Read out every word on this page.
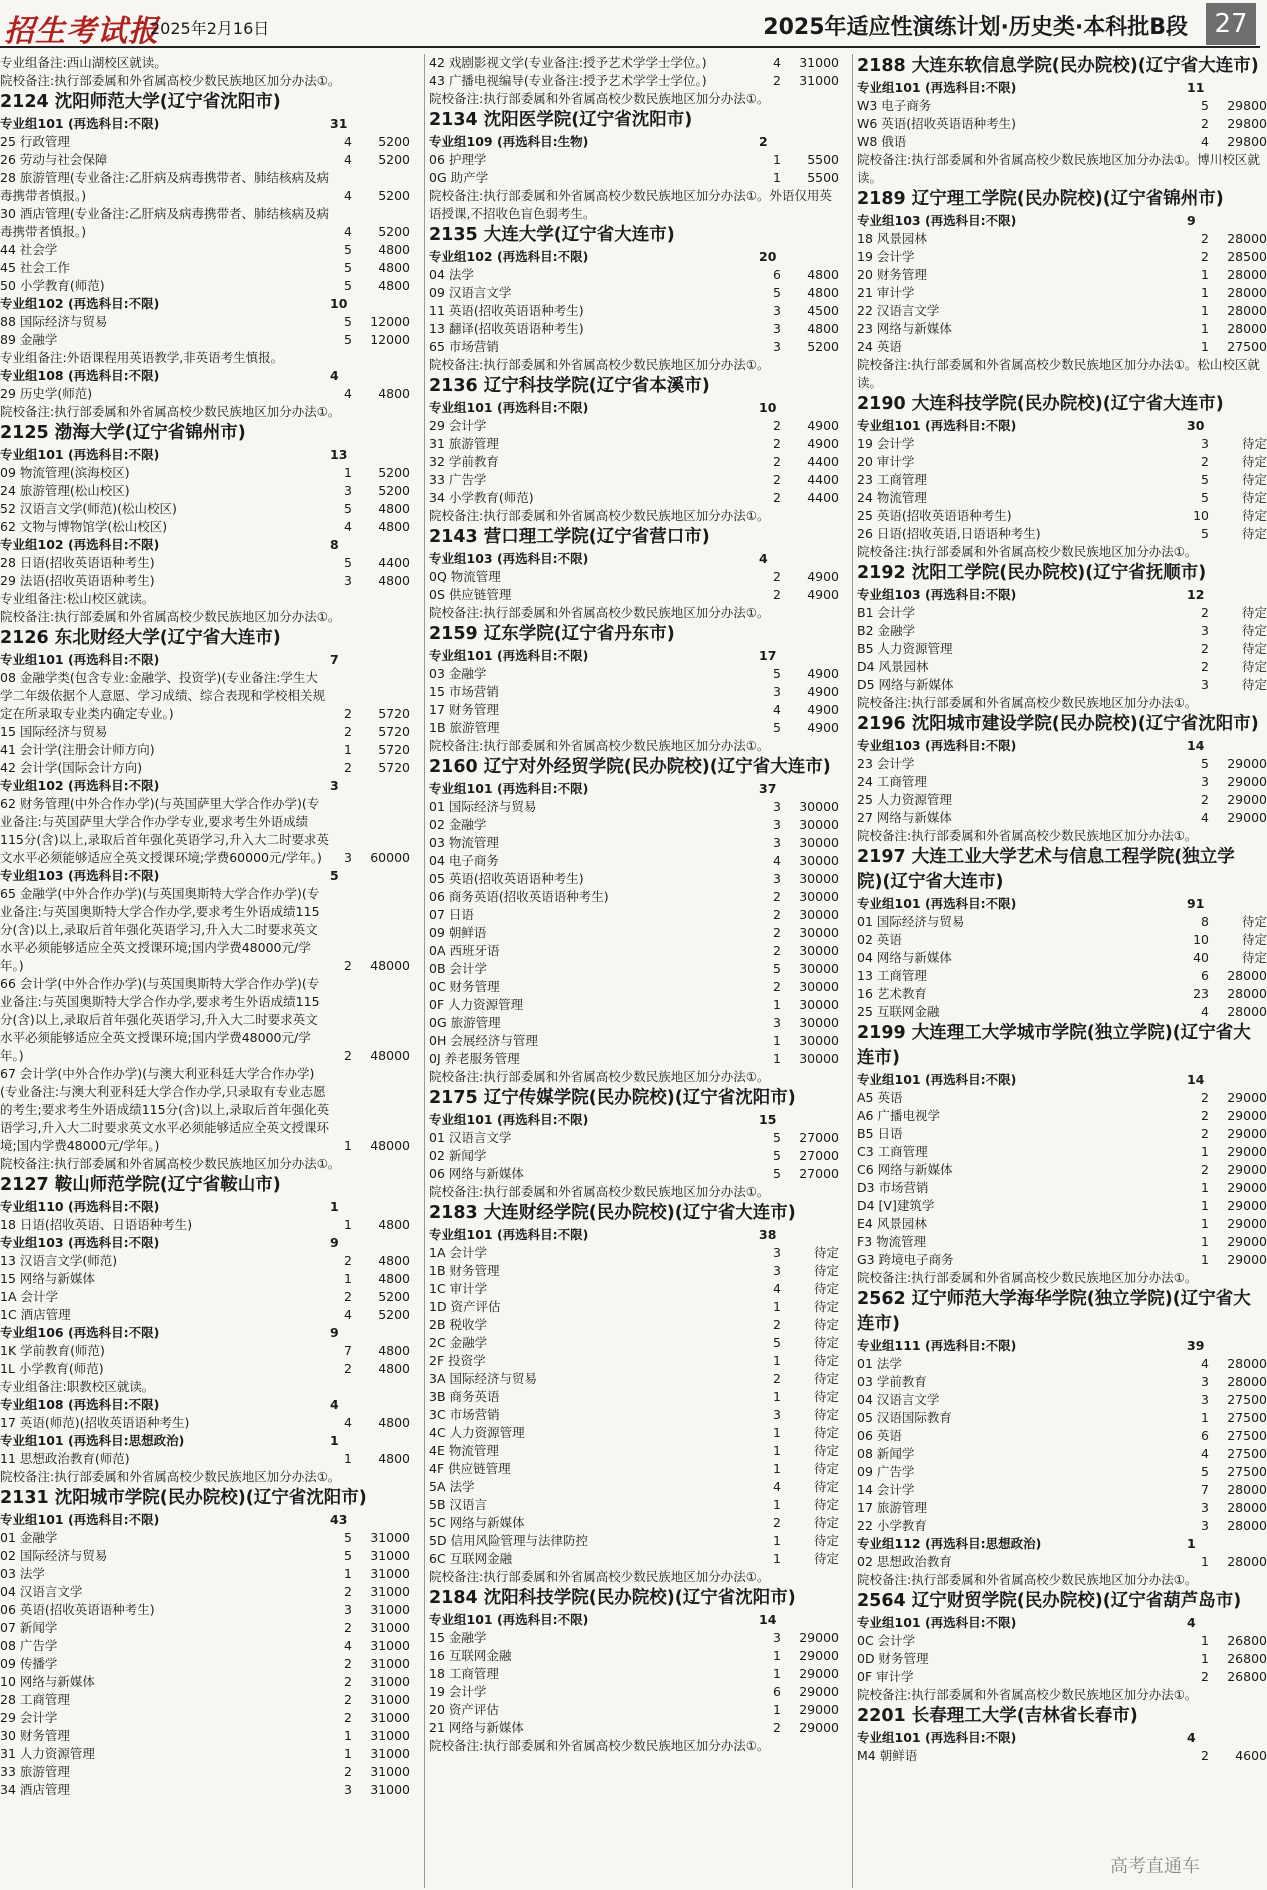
招生考试报
2025年2月16日	2025年适应性演练计划·历史类·本科批B段	27
专业组备注:西山湖校区就读。
院校备注:执行部委属和外省属高校少数民族地区加分办法①。
2124 沈阳师范大学(辽宁省沈阳市)
专业组101 (再选科目:不限)	31
25 行政管理	4	5200
26 劳动与社会保障	4	5200
28 旅游管理(专业备注:乙肝病及病毒携带者、肺结核病及病毒携带者慎报。)	4	5200
30 酒店管理(专业备注:乙肝病及病毒携带者、肺结核病及病毒携带者慎报。)	4	5200
44 社会学	5	4800
45 社会工作	5	4800
50 小学教育(师范)	5	4800
专业组102 (再选科目:不限)	10
88 国际经济与贸易	5	12000
89 金融学	5	12000
专业组备注:外语课程用英语教学,非英语考生慎报。
专业组108 (再选科目:不限)	4
29 历史学(师范)	4	4800
院校备注:执行部委属和外省属高校少数民族地区加分办法①。
2125 渤海大学(辽宁省锦州市)
专业组101 (再选科目:不限)	13
09 物流管理(滨海校区)	1	5200
24 旅游管理(松山校区)	3	5200
52 汉语言文学(师范)(松山校区)	5	4800
62 文物与博物馆学(松山校区)	4	4800
专业组102 (再选科目:不限)	8
28 日语(招收英语语种考生)	5	4400
29 法语(招收英语语种考生)	3	4800
专业组备注:松山校区就读。
院校备注:执行部委属和外省属高校少数民族地区加分办法①。
2126 东北财经大学(辽宁省大连市)
专业组101 (再选科目:不限)	7
08 金融学类(包含专业:金融学、投资学)(专业备注:学生大学二年级依据个人意愿、学习成绩、综合表现和学校相关规定在所录取专业类内确定专业。)	2	5720
15 国际经济与贸易	2	5720
41 会计学(注册会计师方向)	1	5720
42 会计学(国际会计方向)	2	5720
专业组102 (再选科目:不限)	3
62 财务管理(中外合作办学)(与英国萨里大学合作办学)(专业备注:与英国萨里大学合作办学专业,要求考生外语成绩115分(含)以上,录取后首年强化英语学习,升入大二时要求英文水平必须能够适应全英文授课环境;学费60000元/学年。)	3	60000
专业组103 (再选科目:不限)	5
65 金融学(中外合作办学)(与英国奥斯特大学合作办学)(专业备注:与英国奥斯特大学合作办学,要求考生外语成绩115分(含)以上,录取后首年强化英语学习,升入大二时要求英文水平必须能够适应全英文授课环境;国内学费48000元/学年。)	2	48000
66 会计学(中外合作办学)(与英国奥斯特大学合作办学)(专业备注:与英国奥斯特大学合作办学,要求考生外语成绩115分(含)以上,录取后首年强化英语学习,升入大二时要求英文水平必须能够适应全英文授课环境;国内学费48000元/学年。)	2	48000
67 会计学(中外合作办学)(与澳大利亚科廷大学合作办学)(专业备注:与澳大利亚科廷大学合作办学,只录取有专业志愿的考生;要求考生外语成绩115分(含)以上,录取后首年强化英语学习,升入大二时要求英文水平必须能够适应全英文授课环境;国内学费48000元/学年。)	1	48000
院校备注:执行部委属和外省属高校少数民族地区加分办法①。
2127 鞍山师范学院(辽宁省鞍山市)
专业组110 (再选科目:不限)	1
18 日语(招收英语、日语语种考生)	1	4800
专业组103 (再选科目:不限)	9
13 汉语言文学(师范)	2	4800
15 网络与新媒体	1	4800
1A 会计学	2	5200
1C 酒店管理	4	5200
专业组106 (再选科目:不限)	9
1K 学前教育(师范)	7	4800
1L 小学教育(师范)	2	4800
专业组备注:职教校区就读。
专业组108 (再选科目:不限)	4
17 英语(师范)(招收英语语种考生)	4	4800
专业组101 (再选科目:思想政治)	1
11 思想政治教育(师范)	1	4800
院校备注:执行部委属和外省属高校少数民族地区加分办法①。
2131 沈阳城市学院(民办院校)(辽宁省沈阳市)
专业组101 (再选科目:不限)	43
01 金融学	5	31000
02 国际经济与贸易	5	31000
03 法学	1	31000
04 汉语言文学	2	31000
06 英语(招收英语语种考生)	3	31000
07 新闻学	2	31000
08 广告学	4	31000
09 传播学	2	31000
10 网络与新媒体	2	31000
28 工商管理	2	31000
29 会计学	2	31000
30 财务管理	1	31000
31 人力资源管理	1	31000
33 旅游管理	2	31000
34 酒店管理	3	31000
42 戏剧影视文学(专业备注:授予艺术学学士学位。)	4	31000
43 广播电视编导(专业备注:授予艺术学学士学位。)	2	31000
院校备注:执行部委属和外省属高校少数民族地区加分办法①。
2134 沈阳医学院(辽宁省沈阳市)
专业组109 (再选科目:生物)	2
06 护理学	1	5500
0G 助产学	1	5500
院校备注:执行部委属和外省属高校少数民族地区加分办法①。外语仅用英语授课,不招收色盲色弱考生。
2135 大连大学(辽宁省大连市)
专业组102 (再选科目:不限)	20
04 法学	6	4800
09 汉语言文学	5	4800
11 英语(招收英语语种考生)	3	4500
13 翻译(招收英语语种考生)	3	4800
65 市场营销	3	5200
院校备注:执行部委属和外省属高校少数民族地区加分办法①。
2136 辽宁科技学院(辽宁省本溪市)
专业组101 (再选科目:不限)	10
29 会计学	2	4900
31 旅游管理	2	4900
32 学前教育	2	4400
33 广告学	2	4400
34 小学教育(师范)	2	4400
院校备注:执行部委属和外省属高校少数民族地区加分办法①。
2143 营口理工学院(辽宁省营口市)
专业组103 (再选科目:不限)	4
0Q 物流管理	2	4900
0S 供应链管理	2	4900
院校备注:执行部委属和外省属高校少数民族地区加分办法①。
2159 辽东学院(辽宁省丹东市)
专业组101 (再选科目:不限)	17
03 金融学	5	4900
15 市场营销	3	4900
17 财务管理	4	4900
1B 旅游管理	5	4900
院校备注:执行部委属和外省属高校少数民族地区加分办法①。
2160 辽宁对外经贸学院(民办院校)(辽宁省大连市)
专业组101 (再选科目:不限)	37
01 国际经济与贸易	3	30000
02 金融学	3	30000
03 物流管理	3	30000
04 电子商务	4	30000
05 英语(招收英语语种考生)	3	30000
06 商务英语(招收英语语种考生)	2	30000
07 日语	2	30000
09 朝鲜语	2	30000
0A 西班牙语	2	30000
0B 会计学	5	30000
0C 财务管理	2	30000
0F 人力资源管理	1	30000
0G 旅游管理	3	30000
0H 会展经济与管理	1	30000
0J 养老服务管理	1	30000
院校备注:执行部委属和外省属高校少数民族地区加分办法①。
2175 辽宁传媒学院(民办院校)(辽宁省沈阳市)
专业组101 (再选科目:不限)	15
01 汉语言文学	5	27000
02 新闻学	5	27000
06 网络与新媒体	5	27000
院校备注:执行部委属和外省属高校少数民族地区加分办法①。
2183 大连财经学院(民办院校)(辽宁省大连市)
专业组101 (再选科目:不限)	38
1A 会计学	3	待定
1B 财务管理	3	待定
1C 审计学	4	待定
1D 资产评估	1	待定
2B 税收学	2	待定
2C 金融学	5	待定
2F 投资学	1	待定
3A 国际经济与贸易	2	待定
3B 商务英语	1	待定
3C 市场营销	3	待定
4C 人力资源管理	1	待定
4E 物流管理	1	待定
4F 供应链管理	1	待定
5A 法学	4	待定
5B 汉语言	1	待定
5C 网络与新媒体	2	待定
5D 信用风险管理与法律防控	1	待定
6C 互联网金融	1	待定
院校备注:执行部委属和外省属高校少数民族地区加分办法①。
2184 沈阳科技学院(民办院校)(辽宁省沈阳市)
专业组101 (再选科目:不限)	14
15 金融学	3	29000
16 互联网金融	1	29000
18 工商管理	1	29000
19 会计学	6	29000
20 资产评估	1	29000
21 网络与新媒体	2	29000
院校备注:执行部委属和外省属高校少数民族地区加分办法①。
2188 大连东软信息学院(民办院校)(辽宁省大连市)
专业组101 (再选科目:不限)	11
W3 电子商务	5	29800
W6 英语(招收英语语种考生)	2	29800
W8 俄语	4	29800
院校备注:执行部委属和外省属高校少数民族地区加分办法①。博川校区就读。
2189 辽宁理工学院(民办院校)(辽宁省锦州市)
专业组103 (再选科目:不限)	9
18 风景园林	2	28000
19 会计学	2	28500
20 财务管理	1	28000
21 审计学	1	28000
22 汉语言文学	1	28000
23 网络与新媒体	1	28000
24 英语	1	27500
院校备注:执行部委属和外省属高校少数民族地区加分办法①。松山校区就读。
2190 大连科技学院(民办院校)(辽宁省大连市)
专业组101 (再选科目:不限)	30
19 会计学	3	待定
20 审计学	2	待定
23 工商管理	5	待定
24 物流管理	5	待定
25 英语(招收英语语种考生)	10	待定
26 日语(招收英语,日语语种考生)	5	待定
院校备注:执行部委属和外省属高校少数民族地区加分办法①。
2192 沈阳工学院(民办院校)(辽宁省抚顺市)
专业组103 (再选科目:不限)	12
B1 会计学	2	待定
B2 金融学	3	待定
B5 人力资源管理	2	待定
D4 风景园林	2	待定
D5 网络与新媒体	3	待定
院校备注:执行部委属和外省属高校少数民族地区加分办法①。
2196 沈阳城市建设学院(民办院校)(辽宁省沈阳市)
专业组103 (再选科目:不限)	14
23 会计学	5	29000
24 工商管理	3	29000
25 人力资源管理	2	29000
27 网络与新媒体	4	29000
院校备注:执行部委属和外省属高校少数民族地区加分办法①。
2197 大连工业大学艺术与信息工程学院(独立学院)(辽宁省大连市)
专业组101 (再选科目:不限)	91
01 国际经济与贸易	8	待定
02 英语	10	待定
04 网络与新媒体	40	待定
13 工商管理	6	28000
16 艺术教育	23	28000
25 互联网金融	4	28000
2199 大连理工大学城市学院(独立学院)(辽宁省大连市)
专业组101 (再选科目:不限)	14
A5 英语	2	29000
A6 广播电视学	2	29000
B5 日语	2	29000
C3 工商管理	1	29000
C6 网络与新媒体	2	29000
D3 市场营销	1	29000
D4 [V]建筑学	1	29000
E4 风景园林	1	29000
F3 物流管理	1	29000
G3 跨境电子商务	1	29000
院校备注:执行部委属和外省属高校少数民族地区加分办法①。
2562 辽宁师范大学海华学院(独立学院)(辽宁省大连市)
专业组111 (再选科目:不限)	39
01 法学	4	28000
03 学前教育	3	28000
04 汉语言文学	3	27500
05 汉语国际教育	1	27500
06 英语	6	27500
08 新闻学	4	27500
09 广告学	5	27500
14 会计学	7	28000
17 旅游管理	3	28000
22 小学教育	3	28000
专业组112 (再选科目:思想政治)	1
02 思想政治教育	1	28000
院校备注:执行部委属和外省属高校少数民族地区加分办法①。
2564 辽宁财贸学院(民办院校)(辽宁省葫芦岛市)
专业组101 (再选科目:不限)	4
0C 会计学	1	26800
0D 财务管理	1	26800
0F 审计学	2	26800
院校备注:执行部委属和外省属高校少数民族地区加分办法①。
2201 长春理工大学(吉林省长春市)
专业组101 (再选科目:不限)	4
M4 朝鲜语	2	4600
高考直通车
